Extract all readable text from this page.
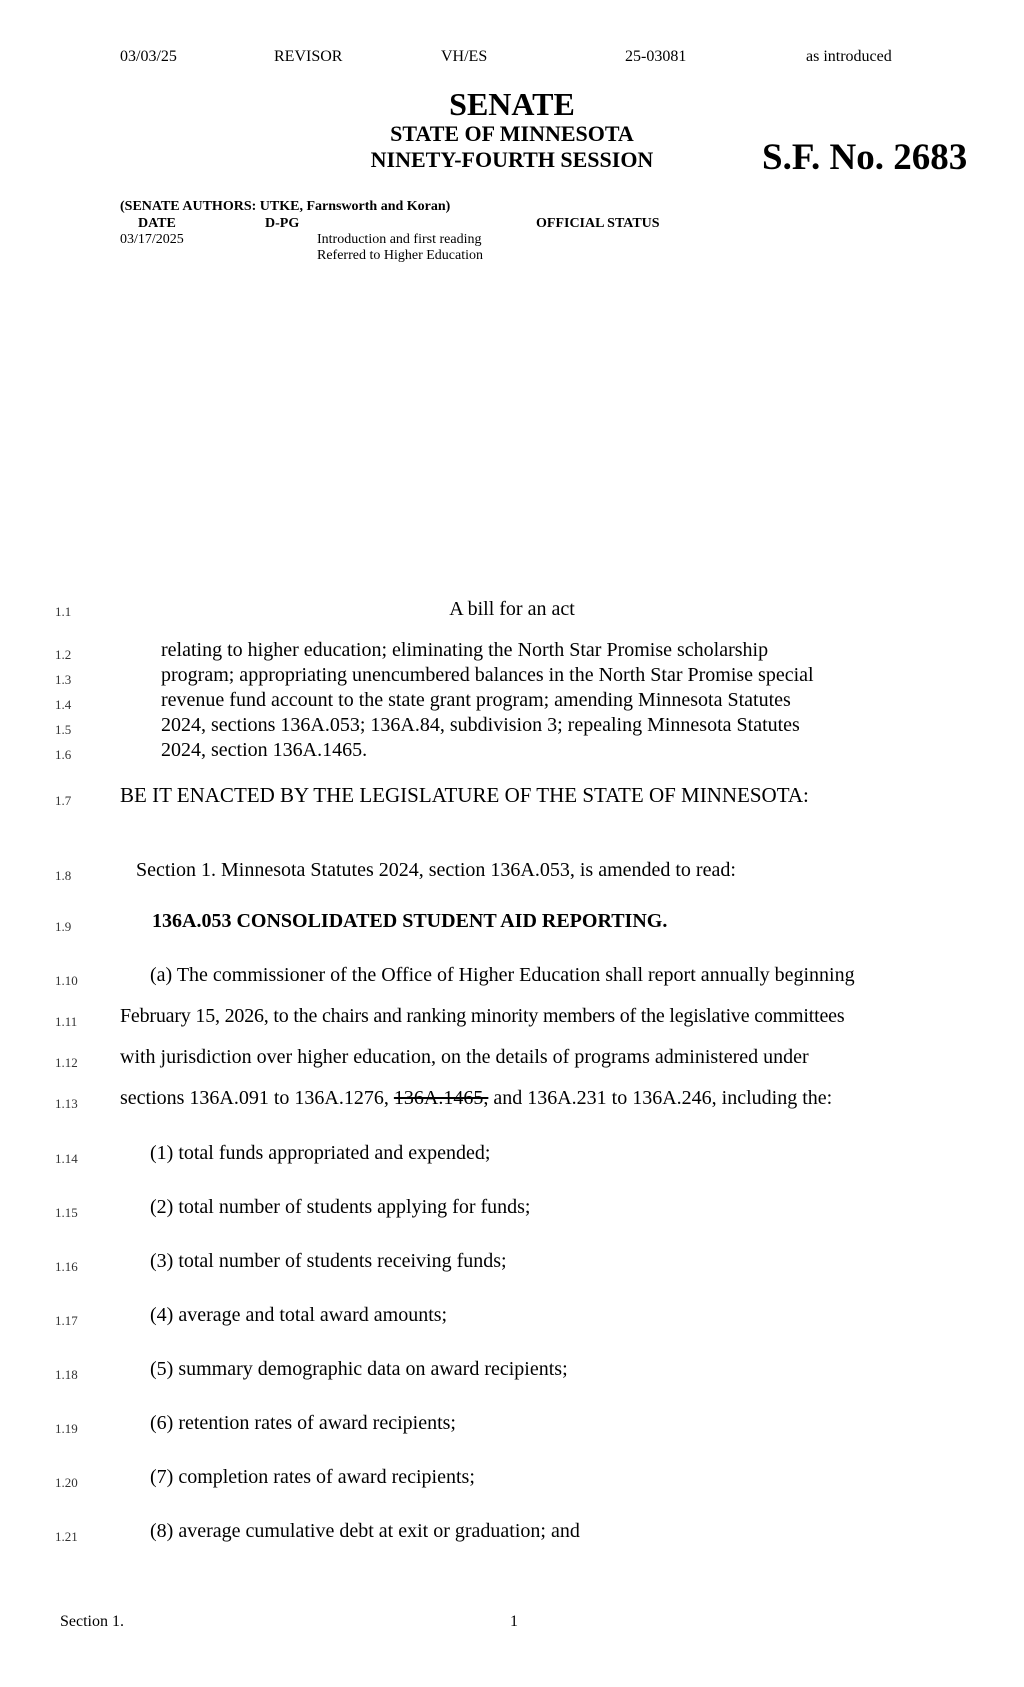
03/03/25	REVISOR	VH/ES	25-03081	as introduced
SENATE
STATE OF MINNESOTA
NINETY-FOURTH SESSION	S.F. No. 2683
(SENATE AUTHORS: UTKE, Farnsworth and Koran)
DATE	D-PG	OFFICIAL STATUS
03/17/2025	Introduction and first reading
Referred to Higher Education
1.1	A bill for an act
1.2	relating to higher education; eliminating the North Star Promise scholarship
1.3	program; appropriating unencumbered balances in the North Star Promise special
1.4	revenue fund account to the state grant program; amending Minnesota Statutes
1.5	2024, sections 136A.053; 136A.84, subdivision 3; repealing Minnesota Statutes
1.6	2024, section 136A.1465.
1.7	BE IT ENACTED BY THE LEGISLATURE OF THE STATE OF MINNESOTA:
1.8	Section 1. Minnesota Statutes 2024, section 136A.053, is amended to read:
1.9	136A.053 CONSOLIDATED STUDENT AID REPORTING.
1.10	(a) The commissioner of the Office of Higher Education shall report annually beginning
1.11	February 15, 2026, to the chairs and ranking minority members of the legislative committees
1.12	with jurisdiction over higher education, on the details of programs administered under
1.13	sections 136A.091 to 136A.1276, 136A.1465, and 136A.231 to 136A.246, including the:
1.14	(1) total funds appropriated and expended;
1.15	(2) total number of students applying for funds;
1.16	(3) total number of students receiving funds;
1.17	(4) average and total award amounts;
1.18	(5) summary demographic data on award recipients;
1.19	(6) retention rates of award recipients;
1.20	(7) completion rates of award recipients;
1.21	(8) average cumulative debt at exit or graduation; and
Section 1.	1
